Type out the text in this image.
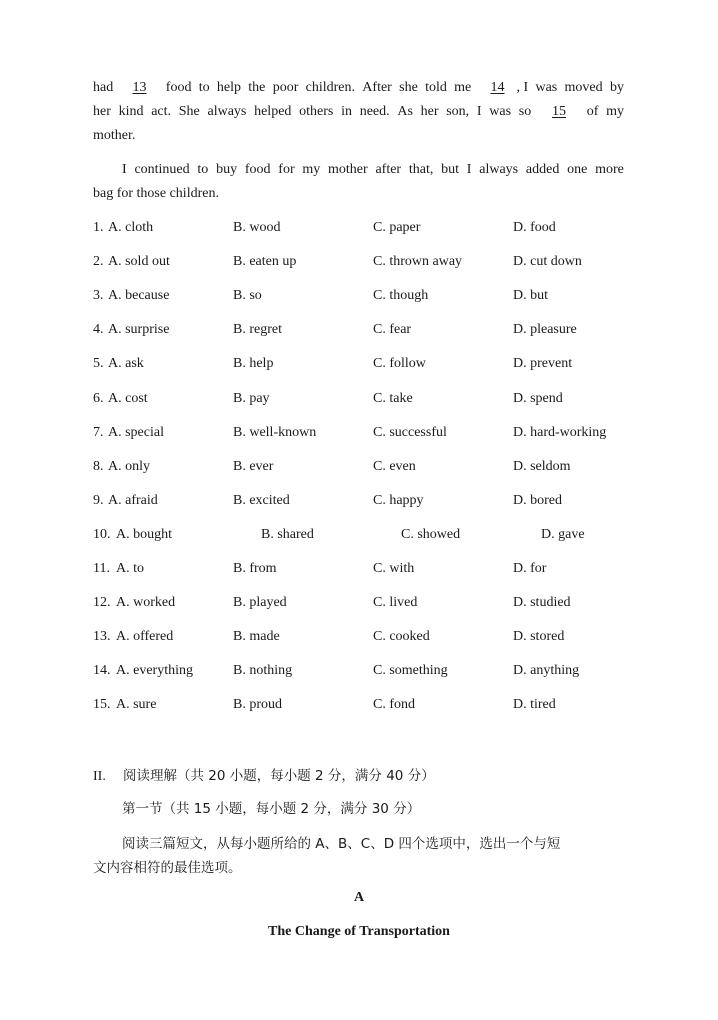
had	13	food to help the poor children. After she told me	14 , I was moved by
her kind act. She always helped others in need. As her son, I was so	15	of my
mother.
I continued to buy food for my mother after that, but I always added one more
bag for those children.
1. A. cloth	B. wood	C. paper	D. food
2. A. sold out	B. eaten up	C. thrown away	D. cut down
3. A. because	B. so	C. though	D. but
4. A. surprise	B. regret	C. fear	D. pleasure
5. A. ask	B. help	C. follow	D. prevent
6. A. cost	B. pay	C. take	D. spend
7. A. special	B. well-known	C. successful	D. hard-working
8. A. only	B. ever	C. even	D. seldom
9. A. afraid	B. excited	C. happy	D. bored
10. A. bought	B. shared	C. showed	D. gave
11. A. to	B. from	C. with	D. for
12. A. worked	B. played	C. lived	D. studied
13. A. offered	B. made	C. cooked	D. stored
14. A. everything	B. nothing	C. something	D. anything
15. A. sure	B. proud	C. fond	D. tired
II. 阅读理解（共 20 小题，每小题 2 分，满分 40 分）
第一节（共 15 小题，每小题 2 分，满分 30 分）
阅读三篇短文，从每小题所给的 A、B、C、D 四个选项中，选出一个与短
文内容相符的最佳选项。
A
The Change of Transportation
